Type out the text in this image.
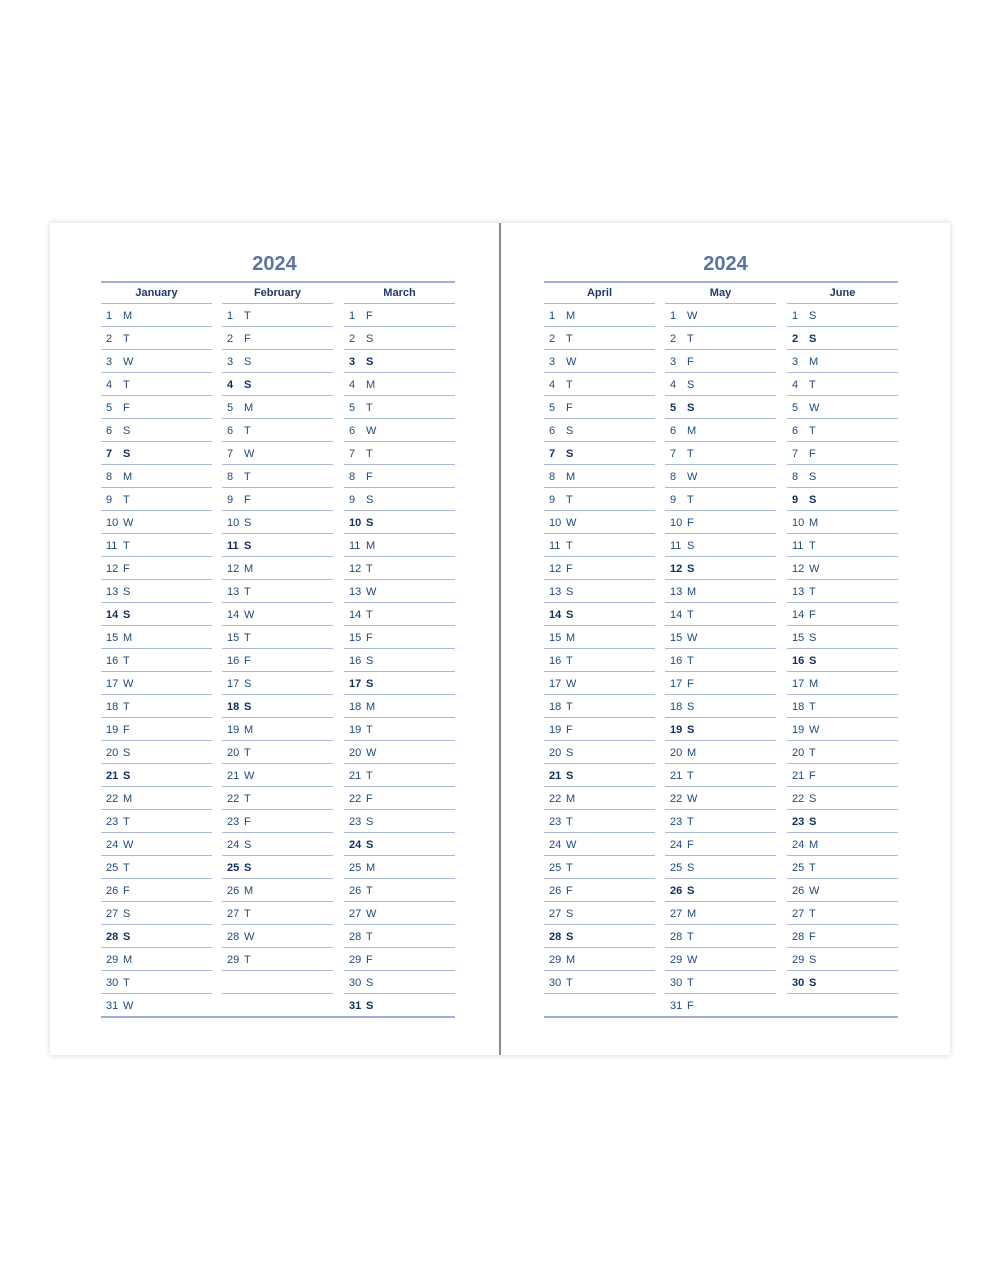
2024
January
1 M
2 T
3 W
4 T
5 F
6 S
7 S
8 M
9 T
10 W
11 T
12 F
13 S
14 S
15 M
16 T
17 W
18 T
19 F
20 S
21 S
22 M
23 T
24 W
25 T
26 F
27 S
28 S
29 M
30 T
31 W
February
1 T
2 F
3 S
4 S
5 M
6 T
7 W
8 T
9 F
10 S
11 S
12 M
13 T
14 W
15 T
16 F
17 S
18 S
19 M
20 T
21 W
22 T
23 F
24 S
25 S
26 M
27 T
28 W
29 T
March
1 F
2 S
3 S
4 M
5 T
6 W
7 T
8 F
9 S
10 S
11 M
12 T
13 W
14 T
15 F
16 S
17 S
18 M
19 T
20 W
21 T
22 F
23 S
24 S
25 M
26 T
27 W
28 T
29 F
30 S
31 S
2024
April
1 M
2 T
3 W
4 T
5 F
6 S
7 S
8 M
9 T
10 W
11 T
12 F
13 S
14 S
15 M
16 T
17 W
18 T
19 F
20 S
21 S
22 M
23 T
24 W
25 T
26 F
27 S
28 S
29 M
30 T
May
1 W
2 T
3 F
4 S
5 S
6 M
7 T
8 W
9 T
10 F
11 S
12 S
13 M
14 T
15 W
16 T
17 F
18 S
19 S
20 M
21 T
22 W
23 T
24 F
25 S
26 S
27 M
28 T
29 W
30 T
31 F
June
1 S
2 S
3 M
4 T
5 W
6 T
7 F
8 S
9 S
10 M
11 T
12 W
13 T
14 F
15 S
16 S
17 M
18 T
19 W
20 T
21 F
22 S
23 S
24 M
25 T
26 W
27 T
28 F
29 S
30 S
